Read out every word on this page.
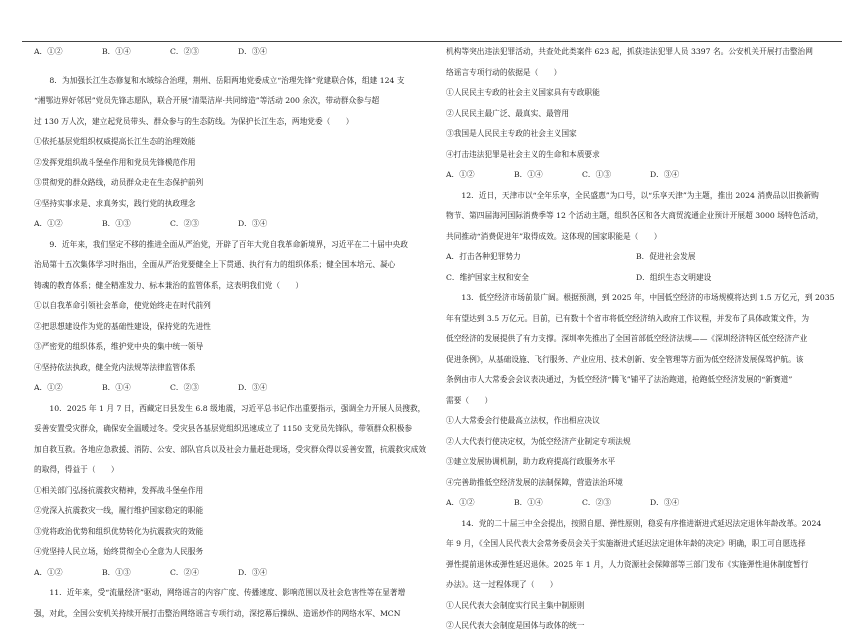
A．①②	B．①④	C．②③	D．③④

8．为加强长江生态修复和水域综合治理，荆州、岳阳两地党委成立“治理先锋”党建联合体，组建 124 支

“湘鄂边界好邻居”党员先锋志愿队，联合开展“清渠洁岸·共同缔造”等活动 200 余次，带动群众参与超

过 130 万人次，建立起党员带头、群众参与的生态防线。为保护长江生态，两地党委（　　）

①依托基层党组织权威提高长江生态的治理效能

②发挥党组织战斗堡垒作用和党员先锋模范作用

③贯彻党的群众路线，动员群众走在生态保护前列

④坚持实事求是、求真务实，践行党的执政理念

A．①②	B．①③	C．②③	D．③④

9．近年来，我们坚定不移的推进全面从严治党，开辟了百年大党自我革命新境界，习近平在二十届中央政

治局第十五次集体学习时指出，全面从严治党要健全上下贯通、执行有力的组织体系；健全国本培元、凝心

铸魂的教育体系；健全精准发力、标本兼治的监管体系，这表明我们党（　　）

①以自我革命引领社会革命，使党始终走在时代前列

②把思想建设作为党的基础性建设，保持党的先进性

③严密党的组织体系，维护党中央的集中统一领导

④坚持依法执政，健全党内法规等法律监管体系

A．①②	B．①④	C．②③	D．③④

10．2025 年 1 月 7 日，西藏定日县发生 6.8 级地震，习近平总书记作出重要指示，强调全力开展人员搜救，

妥善安置受灾群众，确保安全温暖过冬。受灾县各基层党组织迅速成立了 1150 支党员先锋队，带领群众积极参

加自救互救。各地应急救援、消防、公安、部队官兵以及社会力量赶赴现场，受灾群众得以妥善安置，抗震救灾成效

的取得，得益于（　　）

①相关部门弘扬抗震救灾精神，发挥战斗堡垒作用

②党深入抗震救灾一线，履行维护国家稳定的职能

③党将政治优势和组织优势转化为抗震救灾的效能

④党坚持人民立场，始终贯彻全心全意为人民服务

A．①②	B．①③	C．②④	D．③④

11．近年来，受“流量经济”驱动，网络谣言的内容广度、传播速度、影响范围以及社会危害性等在显著增

强，对此，全国公安机关持续开展打击整治网络谣言专项行动，深挖幕后操纵、造谣炒作的网络水军、MCN

机构等突出违法犯罪活动，共查处此类案件 623 起，抓获违法犯罪人员 3397 名。公安机关开展打击整治网

络谣言专项行动的依据是（　　）

①人民民主专政的社会主义国家具有专政职能

②人民民主最广泛、最真实、最管用

③我国是人民民主专政的社会主义国家

④打击违法犯罪是社会主义的生命和本质要求

A．①②	B．①④	C．①③	D．③④

12．近日，天津市以“全年乐享，全民盛惠”为口号，以“乐享天津”为主题，推出 2024 消费品以旧换新购

物节、第四届海河国际消费季等 12 个活动主题，组织各区和各大商贸流通企业预计开展超 3000 场特色活动，

共同推动“消费促进年”取得成效。这体现的国家职能是（　　）

A．打击各种犯罪势力	B．促进社会发展
C．维护国家主权和安全	D．组织生态文明建设

13．低空经济市场前景广阔。根据预测，到 2025 年，中国低空经济的市场规模将达到 1.5 万亿元，到 2035

年有望达到 3.5 万亿元。目前，已有数十个省市将低空经济纳入政府工作议程，并发布了具体政策文件，为

低空经济的发展提供了有力支撑。深圳率先推出了全国首部低空经济法规——《深圳经济特区低空经济产业

促进条例》，从基础设施、飞行服务、产业应用、技术创新、安全管理等方面为低空经济发展保驾护航。该

条例由市人大常委会会议表决通过，为低空经济“腾飞”铺平了法治跑道，抢跑低空经济发展的“新赛道”

需要（　　）

①人大常委会行使最高立法权，作出相应决议

②人大代表行使决定权，为低空经济产业制定专项法规

③建立发展协调机制，助力政府提高行政服务水平

④完善助推低空经济发展的法制保障，营造法治环境

A．①②	B．①④	C．②③	D．③④

14．党的二十届三中全会提出，按照自愿、弹性原则，稳妥有序推进渐进式延迟法定退休年龄改革。2024

年 9 月，《全国人民代表大会常务委员会关于实施渐进式延迟法定退休年龄的决定》明确，职工可自愿选择

弹性提前退休或弹性延迟退休。2025 年 1 月，人力资源社会保障部等三部门发布《实施弹性退休制度暂行

办法》。这一过程体现了（　　）

①人民代表大会制度实行民主集中制原则

②人民代表大会制度是国体与政体的统一
